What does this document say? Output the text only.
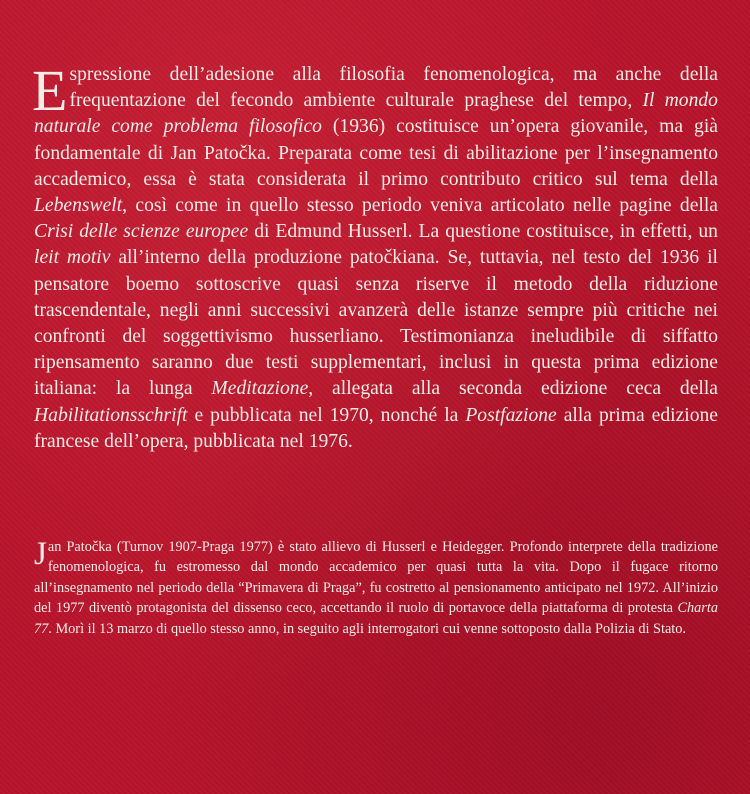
Espressione dell’adesione alla filosofia fenomenologica, ma anche della frequentazione del fecondo ambiente culturale praghese del tempo, Il mondo naturale come problema filosofico (1936) costituisce un’opera giovanile, ma già fondamentale di Jan Patočka. Preparata come tesi di abilitazione per l’insegnamento accademico, essa è stata considerata il primo contributo critico sul tema della Lebenswelt, così come in quello stesso periodo veniva articolato nelle pagine della Crisi delle scienze europee di Edmund Husserl. La questione costituisce, in effetti, un leit motiv all’interno della produzione patočkiana. Se, tuttavia, nel testo del 1936 il pensatore boemo sottoscrive quasi senza riserve il metodo della riduzione trascendentale, negli anni successivi avanzerà delle istanze sempre più critiche nei confronti del soggettivismo husserliano. Testimonianza ineludibile di siffatto ripensamento saranno due testi supplementari, inclusi in questa prima edizione italiana: la lunga Meditazione, allegata alla seconda edizione ceca della Habilitationsschrift e pubblicata nel 1970, nonché la Postfazione alla prima edizione francese dell’opera, pubblicata nel 1976.
Jan Patočka (Turnov 1907-Praga 1977) è stato allievo di Husserl e Heidegger. Profondo interprete della tradizione fenomenologica, fu estromesso dal mondo accademico per quasi tutta la vita. Dopo il fugace ritorno all’insegnamento nel periodo della “Primavera di Praga”, fu costretto al pensionamento anticipato nel 1972. All’inizio del 1977 diventò protagonista del dissenso ceco, accettando il ruolo di portavoce della piattaforma di protesta Charta 77. Morì il 13 marzo di quello stesso anno, in seguito agli interrogatori cui venne sottoposto dalla Polizia di Stato.
